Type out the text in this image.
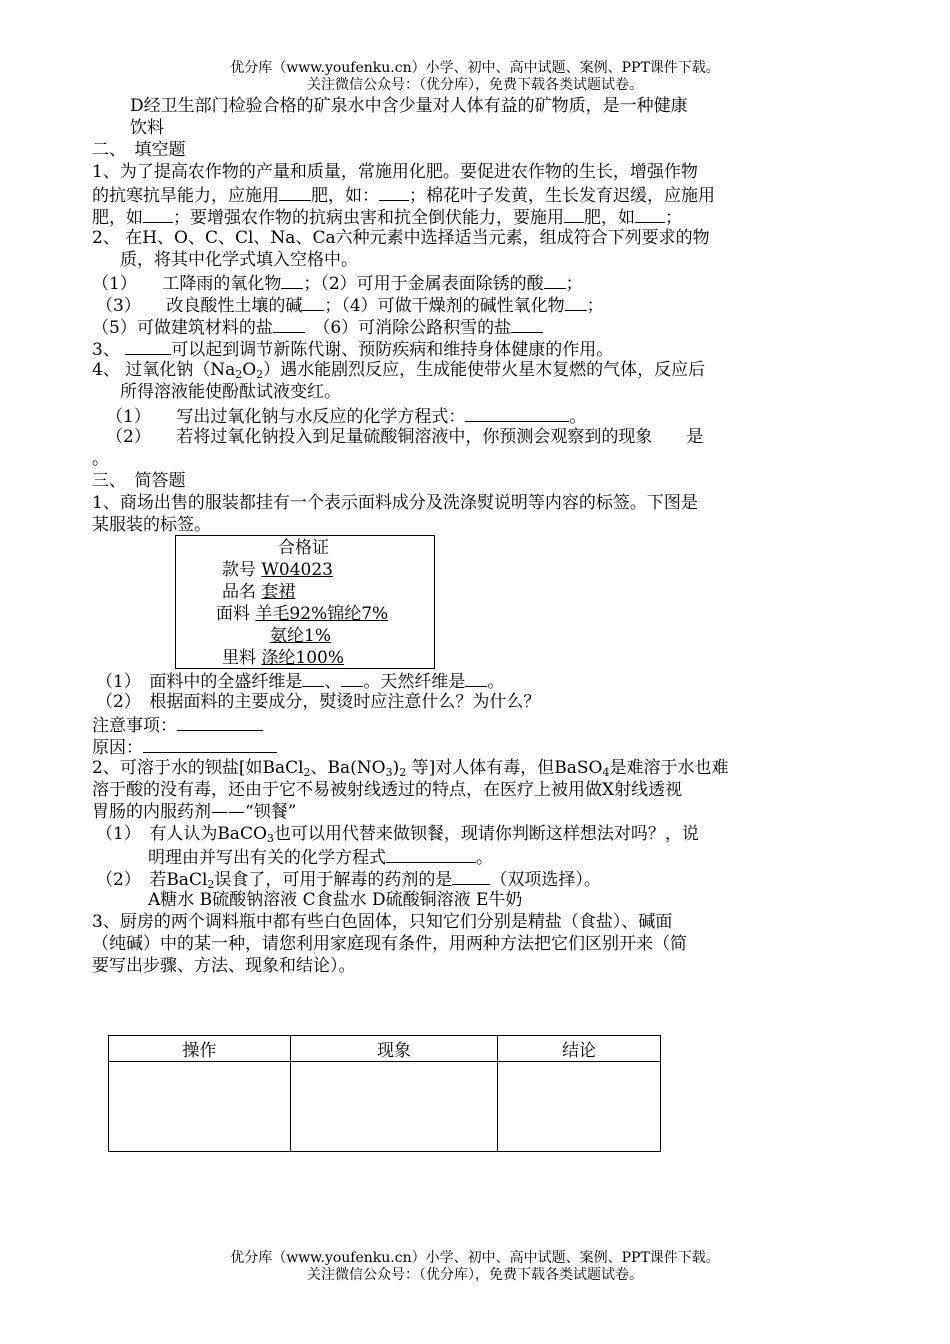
优分库（www.youfenku.cn）小学、初中、高中试题、案例、PPT课件下载。
关注微信公众号：（优分库），免费下载各类试题试卷。
D经卫生部门检验合格的矿泉水中含少量对人体有益的矿物质，是一种健康
饮料
二、　填空题
1、为了提高农作物的产量和质量，常施用化肥。要促进农作物的生长，增强作物
的抗寒抗旱能力，应施用 肥，如： ；棉花叶子发黄，生长发育迟缓，应施用
肥，如 ；要增强农作物的抗病虫害和抗全倒伏能力，要施用 肥，如 ；
2、 在H、O、C、Cl、Na、Ca六种元素中选择适当元素，组成符合下列要求的物
质，将其中化学式填入空格中。
（1）　　工降雨的氧化物 ；（2）可用于金属表面除锈的酸 ；
（3）　　改良酸性土壤的碱 ；（4）可做干燥剂的碱性氧化物 ；
（5）可做建筑材料的盐　	（6）可消除公路积雪的盐
3、	可以起到调节新陈代谢、预防疾病和维持身体健康的作用。
4、 过氧化钠$(Na_2O_2)$遇水能剧烈反应，生成能使带火星木复燃的气体，反应后
所得溶液能使酚酞试液变红。
（1）　　写出过氧化钠与水反应的化学方程式：	。
（2）　　若将过氧化钠投入到足量硫酸铜溶液中，你预测会观察到的现象　　是
。
三、　简答题
1、商场出售的服装都挂有一个表示面料成分及洗涤熨说明等内容的标签。下图是
某服装的标签。
合格证
款号 W04023
品名 套裙
面料 羊毛92%锦纶7%
氨纶1%
里料 涤纶100%
（1）　面料中的全盛纤维是 、 。天然纤维是 。
（2）　根据面料的主要成分，熨烫时应注意什么？为什么？
注意事项：
原因：
2、可溶于水的钡盐[如BaCl$_2$、$Ba(NO_3)_2$ 等]对人体有毒，但BaSO$_4$是难溶于水也难
溶于酸的没有毒，还由于它不易被射线透过的特点，在医疗上被用做X射线透视
胃肠的内服药剂——“钡餐”
（1）　有人认为BaCO$_3$也可以用代替来做钡餐，现请你判断这样想法对吗？，说
明理由并写出有关的化学方程式	。
（2）　若BaCl$_2$误食了，可用于解毒的药剂的是 （双项选择）。
A糖水 B硫酸钠溶液 C食盐水 D硫酸铜溶液 E牛奶
3、厨房的两个调料瓶中都有些白色固体，只知它们分别是精盐（食盐）、碱面
（纯碱）中的某一种，请您利用家庭现有条件，用两种方法把它们区别开来（简
要写出步骤、方法、现象和结论）。
操作	现象	结论

优分库（www.youfenku.cn）小学、初中、高中试题、案例、PPT课件下载。
关注微信公众号：（优分库），免费下载各类试题试卷。
